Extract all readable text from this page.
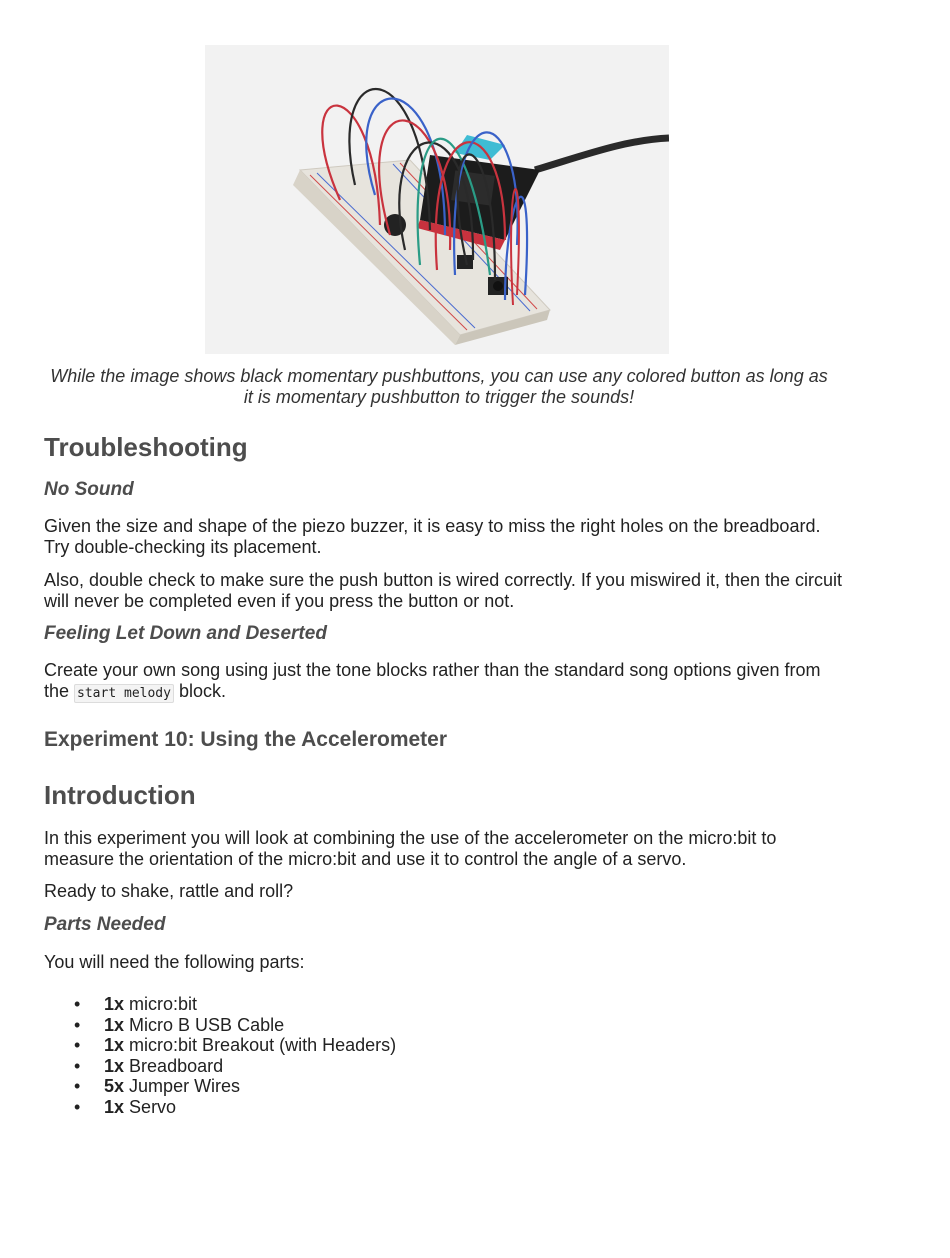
While the image shows black momentary pushbuttons, you can use any colored button as long as it is momentary pushbutton to trigger the sounds!

Troubleshooting
No Sound

Given the size and shape of the piezo buzzer, it is easy to miss the right holes on the breadboard. Try double-checking its placement.

Also, double check to make sure the push button is wired correctly. If you miswired it, then the circuit will never be completed even if you press the button or not.

Feeling Let Down and Deserted

Create your own song using just the tone blocks rather than the standard song options given from the start melody block.

Experiment 10: Using the Accelerometer
Introduction

In this experiment you will look at combining the use of the accelerometer on the micro:bit to measure the orientation of the micro:bit and use it to control the angle of a servo.

Ready to shake, rattle and roll?

Parts Needed

You will need the following parts:

• 1x micro:bit
• 1x Micro B USB Cable
• 1x micro:bit Breakout (with Headers)
• 1x Breadboard
• 5x Jumper Wires
• 1x Servo
